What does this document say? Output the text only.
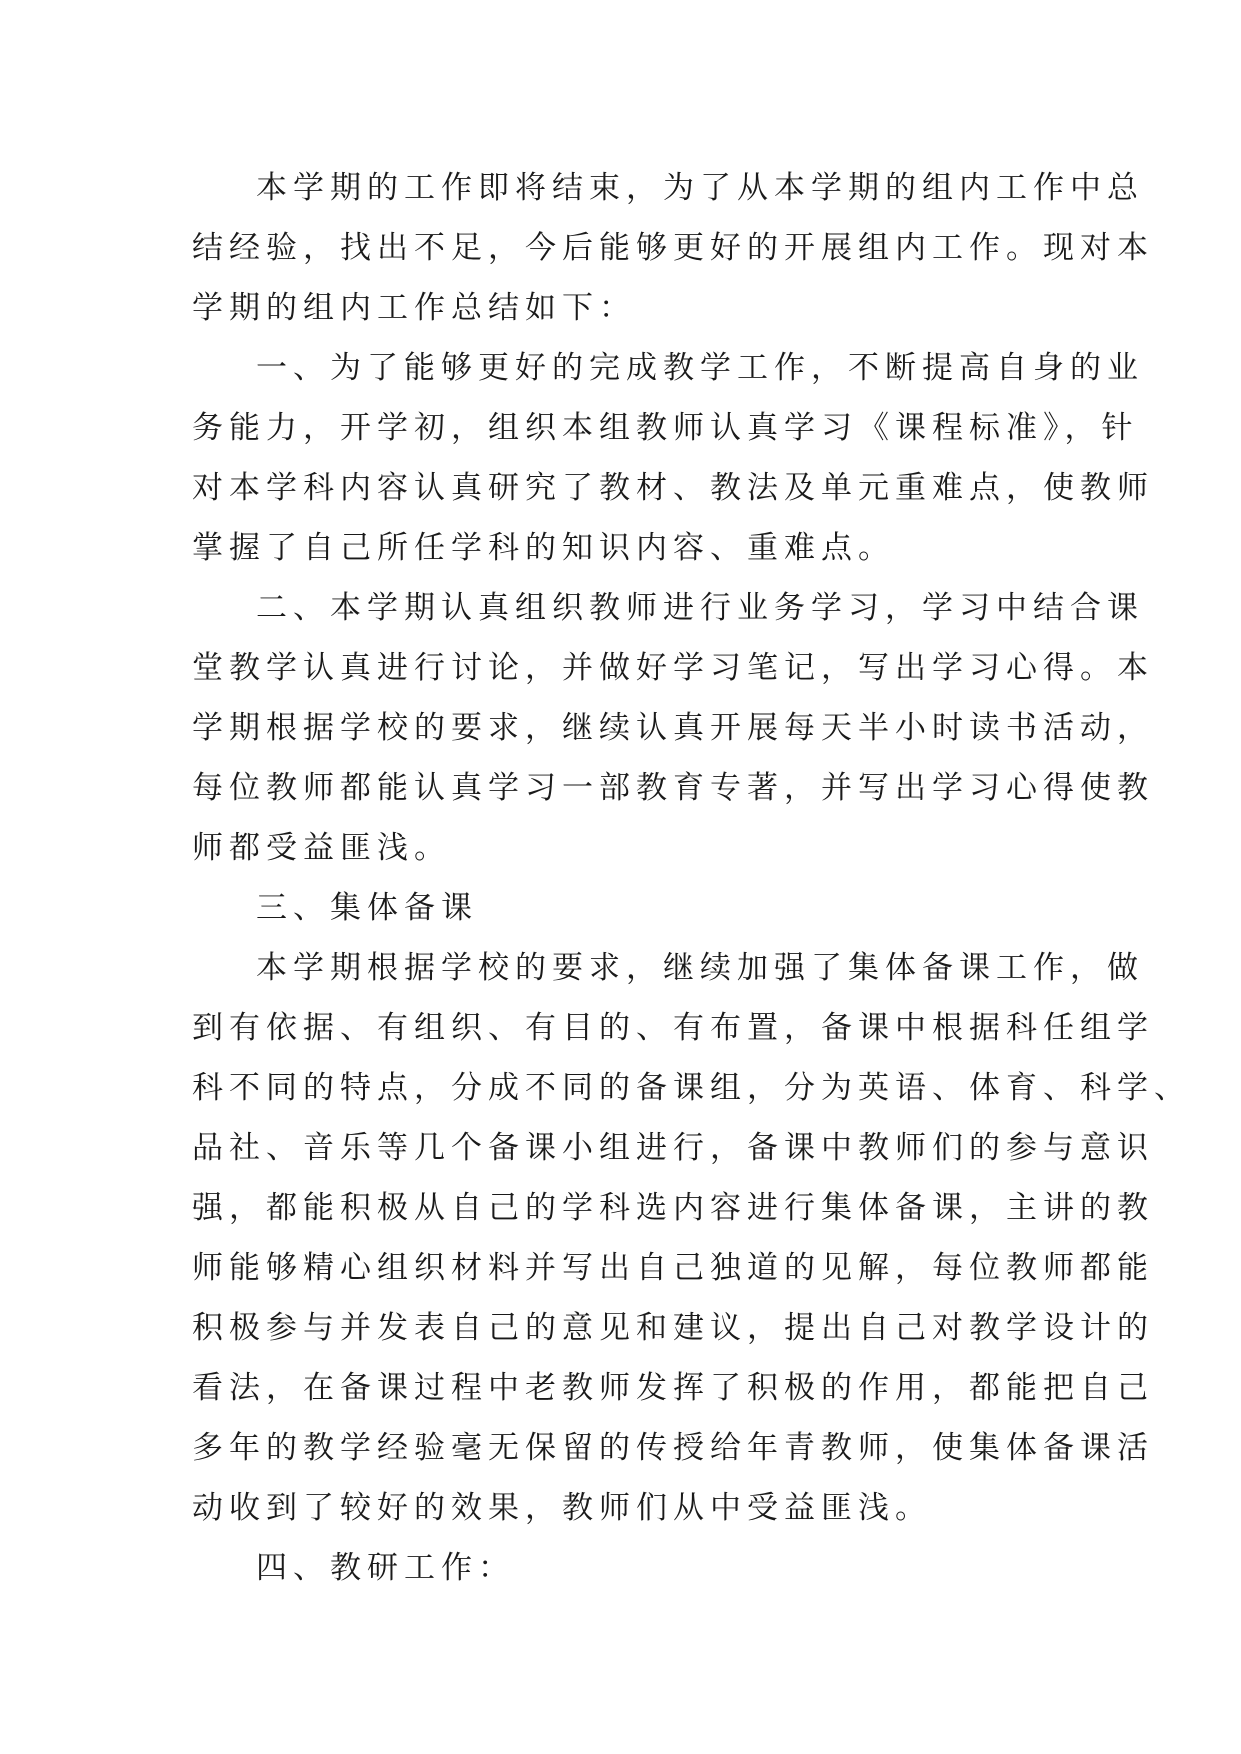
本学期的工作即将结束，为了从本学期的组内工作中总
结经验，找出不足，今后能够更好的开展组内工作。现对本
学期的组内工作总结如下：
一、为了能够更好的完成教学工作，不断提高自身的业
务能力，开学初，组织本组教师认真学习《课程标准》，针
对本学科内容认真研究了教材、教法及单元重难点，使教师
掌握了自己所任学科的知识内容、重难点。
二、本学期认真组织教师进行业务学习，学习中结合课
堂教学认真进行讨论，并做好学习笔记，写出学习心得。本
学期根据学校的要求，继续认真开展每天半小时读书活动，
每位教师都能认真学习一部教育专著，并写出学习心得使教
师都受益匪浅。
三、集体备课
本学期根据学校的要求，继续加强了集体备课工作，做
到有依据、有组织、有目的、有布置，备课中根据科任组学
科不同的特点，分成不同的备课组，分为英语、体育、科学、
品社、音乐等几个备课小组进行，备课中教师们的参与意识
强，都能积极从自己的学科选内容进行集体备课，主讲的教
师能够精心组织材料并写出自己独道的见解，每位教师都能
积极参与并发表自己的意见和建议，提出自己对教学设计的
看法，在备课过程中老教师发挥了积极的作用，都能把自己
多年的教学经验毫无保留的传授给年青教师，使集体备课活
动收到了较好的效果，教师们从中受益匪浅。
四、教研工作：
